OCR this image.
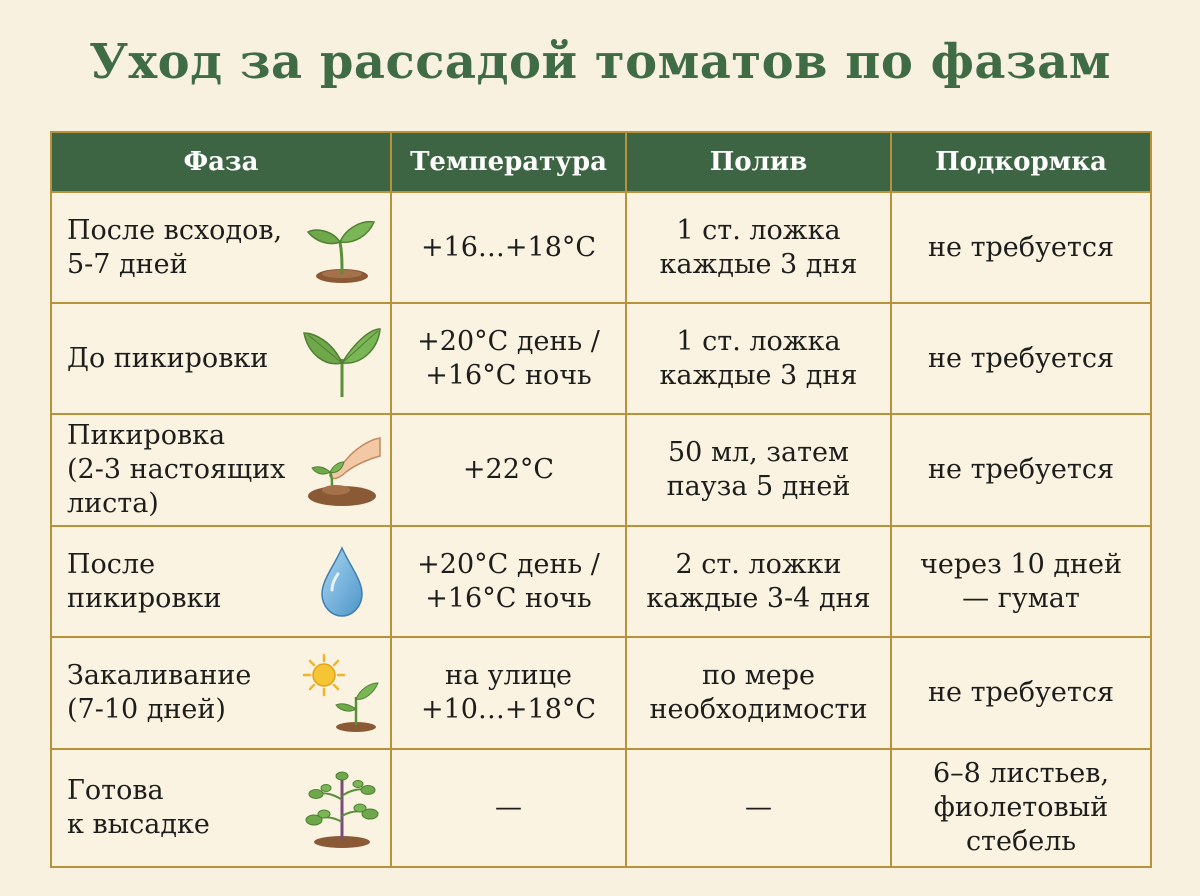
Уход за рассадой томатов по фазам
Фаза	Температура	Полив	Подкормка

После всходов,
5-7 дней	+16…+18°C	1 ст. ложка
каждые 3 дня	не требуется

До пикировки	+20°C день /
+16°C ночь	1 ст. ложка
каждые 3 дня	не требуется

Пикировка
(2-3 настоящих
листа)	+22°C	50 мл, затем
пауза 5 дней	не требуется

После
пикировки	+20°C день /
+16°C ночь	2 ст. ложки
каждые 3-4 дня	через 10 дней
— гумат

Закаливание
(7-10 дней)	на улице
+10…+18°C	по мере
необходимости	не требуется

Готова
к высадке	—	—	6–8 листьев,
фиолетовый
стебель
